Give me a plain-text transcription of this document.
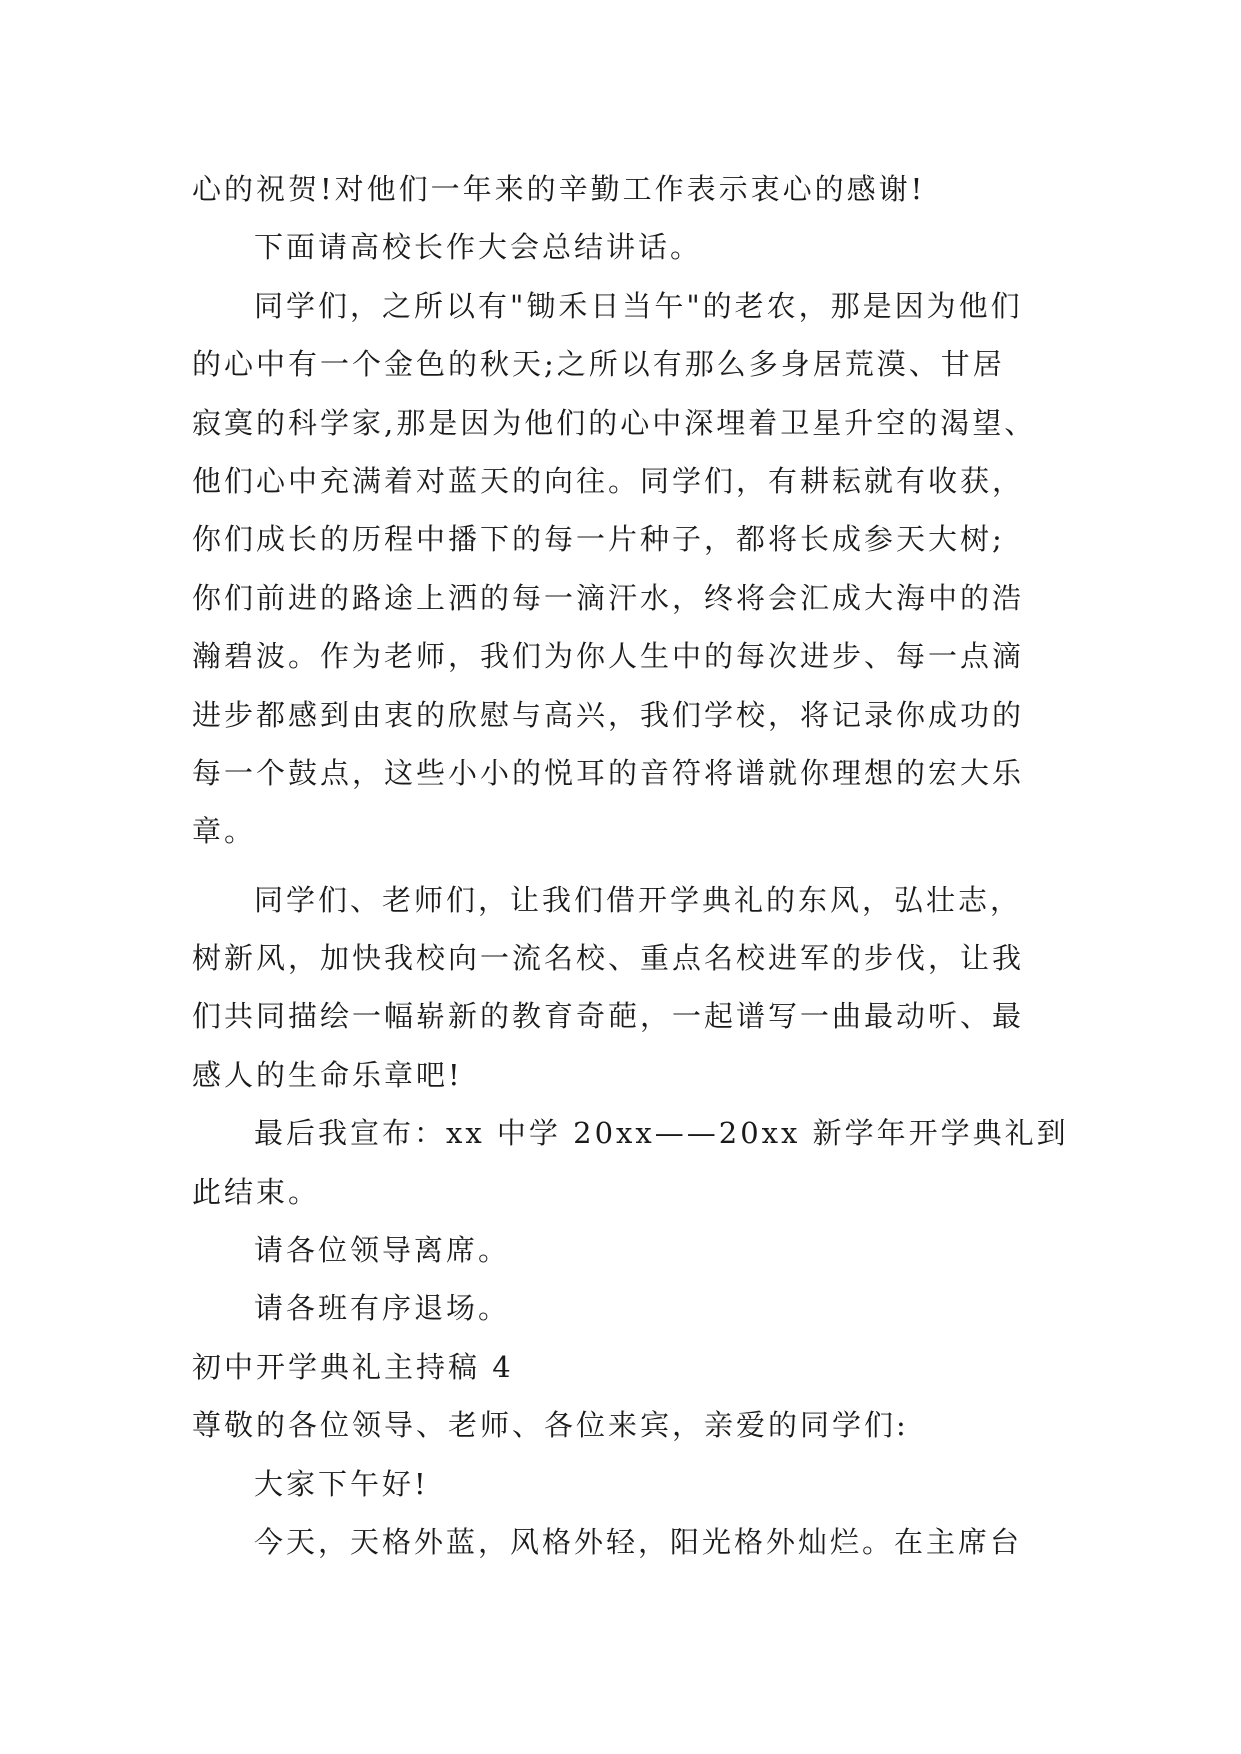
心的祝贺!对他们一年来的辛勤工作表示衷心的感谢!
下面请高校长作大会总结讲话。
同学们，之所以有"锄禾日当午"的老农，那是因为他们
的心中有一个金色的秋天;之所以有那么多身居荒漠、甘居
寂寞的科学家,那是因为他们的心中深埋着卫星升空的渴望、
他们心中充满着对蓝天的向往。同学们，有耕耘就有收获，
你们成长的历程中播下的每一片种子，都将长成参天大树;
你们前进的路途上洒的每一滴汗水，终将会汇成大海中的浩
瀚碧波。作为老师，我们为你人生中的每次进步、每一点滴
进步都感到由衷的欣慰与高兴，我们学校，将记录你成功的
每一个鼓点，这些小小的悦耳的音符将谱就你理想的宏大乐
章。
同学们、老师们，让我们借开学典礼的东风，弘壮志，
树新风，加快我校向一流名校、重点名校进军的步伐，让我
们共同描绘一幅崭新的教育奇葩，一起谱写一曲最动听、最
感人的生命乐章吧!
最后我宣布：xx 中学 20xx——20xx 新学年开学典礼到
此结束。
请各位领导离席。
请各班有序退场。
初中开学典礼主持稿 4
尊敬的各位领导、老师、各位来宾，亲爱的同学们:
大家下午好!
今天，天格外蓝，风格外轻，阳光格外灿烂。在主席台
